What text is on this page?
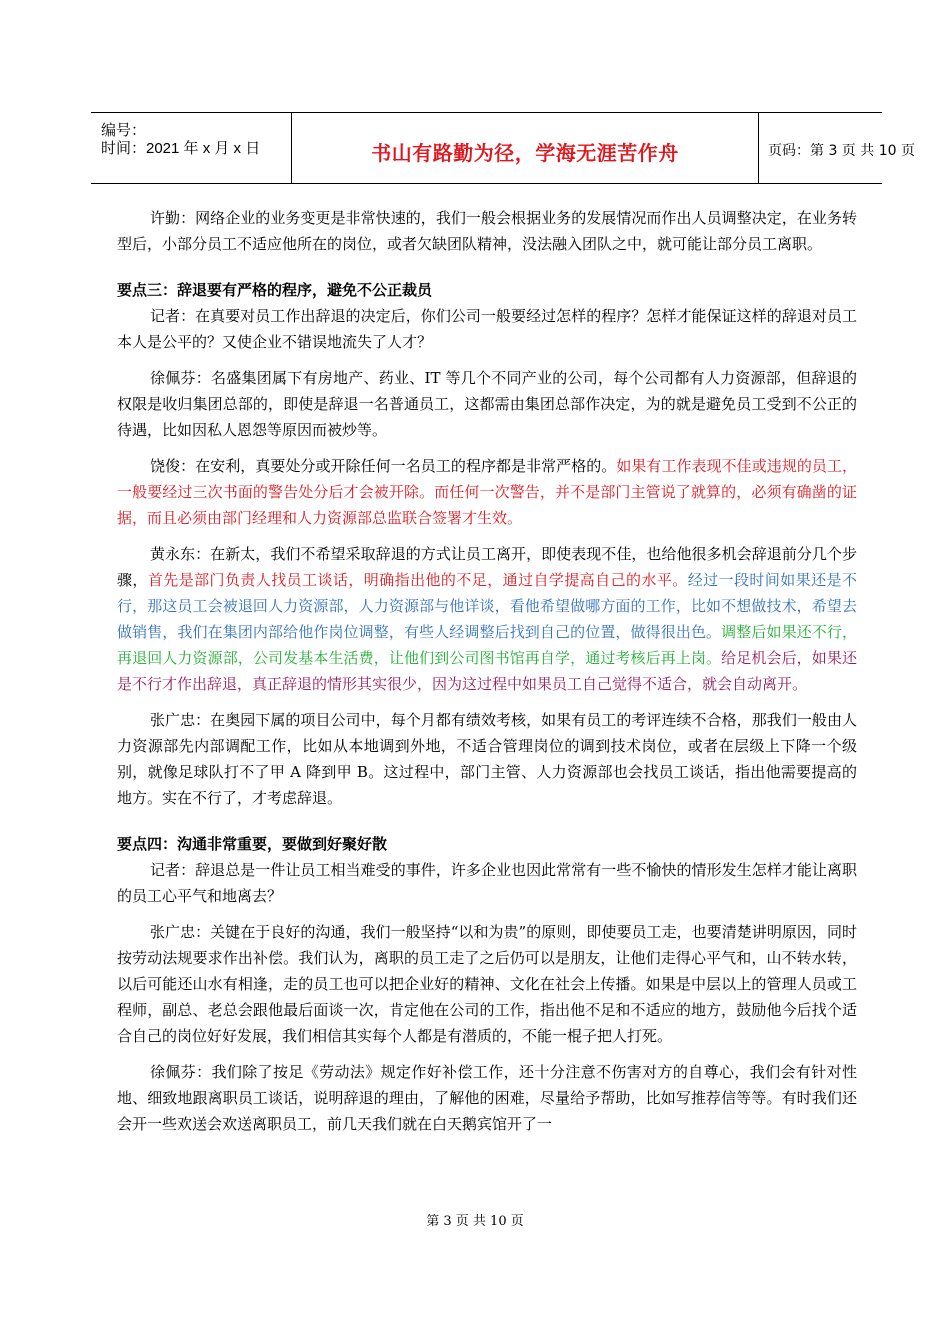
编号：
时间：2021 年 x 月 x 日	书山有路勤为径，学海无涯苦作舟	页码：第 3 页 共 10 页

许勤：网络企业的业务变更是非常快速的，我们一般会根据业务的发展情况而作出人员调整决定，在业务转型后，小部分员工不适应他所在的岗位，或者欠缺团队精神，没法融入团队之中，就可能让部分员工离职。

要点三：辞退要有严格的程序，避免不公正裁员

记者：在真要对员工作出辞退的决定后，你们公司一般要经过怎样的程序？怎样才能保证这样的辞退对员工本人是公平的？又使企业不错误地流失了人才？

徐佩芬：名盛集团属下有房地产、药业、IT 等几个不同产业的公司，每个公司都有人力资源部，但辞退的权限是收归集团总部的，即使是辞退一名普通员工，这都需由集团总部作决定，为的就是避免员工受到不公正的待遇，比如因私人恩怨等原因而被炒等。

饶俊：在安利，真要处分或开除任何一名员工的程序都是非常严格的。如果有工作表现不佳或违规的员工，一般要经过三次书面的警告处分后才会被开除。而任何一次警告，并不是部门主管说了就算的，必须有确凿的证据，而且必须由部门经理和人力资源部总监联合签署才生效。

黄永东：在新太，我们不希望采取辞退的方式让员工离开，即使表现不佳，也给他很多机会辞退前分几个步骤，首先是部门负责人找员工谈话，明确指出他的不足，通过自学提高自己的水平。经过一段时间如果还是不行，那这员工会被退回人力资源部，人力资源部与他详谈，看他希望做哪方面的工作，比如不想做技术，希望去做销售，我们在集团内部给他作岗位调整，有些人经调整后找到自己的位置，做得很出色。调整后如果还不行，再退回人力资源部，公司发基本生活费，让他们到公司图书馆再自学，通过考核后再上岗。给足机会后，如果还是不行才作出辞退，真正辞退的情形其实很少，因为这过程中如果员工自己觉得不适合，就会自动离开。

张广忠：在奥园下属的项目公司中，每个月都有绩效考核，如果有员工的考评连续不合格，那我们一般由人力资源部先内部调配工作，比如从本地调到外地，不适合管理岗位的调到技术岗位，或者在层级上下降一个级别，就像足球队打不了甲 A 降到甲 B。这过程中，部门主管、人力资源部也会找员工谈话，指出他需要提高的地方。实在不行了，才考虑辞退。

要点四：沟通非常重要，要做到好聚好散

记者：辞退总是一件让员工相当难受的事件，许多企业也因此常常有一些不愉快的情形发生怎样才能让离职的员工心平气和地离去？

张广忠：关键在于良好的沟通，我们一般坚持“以和为贵”的原则，即使要员工走，也要清楚讲明原因，同时按劳动法规要求作出补偿。我们认为，离职的员工走了之后仍可以是朋友，让他们走得心平气和，山不转水转，以后可能还山水有相逢，走的员工也可以把企业好的精神、文化在社会上传播。如果是中层以上的管理人员或工程师，副总、老总会跟他最后面谈一次，肯定他在公司的工作，指出他不足和不适应的地方，鼓励他今后找个适合自己的岗位好好发展，我们相信其实每个人都是有潜质的，不能一棍子把人打死。

徐佩芬：我们除了按足《劳动法》规定作好补偿工作，还十分注意不伤害对方的自尊心，我们会有针对性地、细致地跟离职员工谈话，说明辞退的理由，了解他的困难，尽量给予帮助，比如写推荐信等等。有时我们还会开一些欢送会欢送离职员工，前几天我们就在白天鹅宾馆开了一

第 3 页 共 10 页
